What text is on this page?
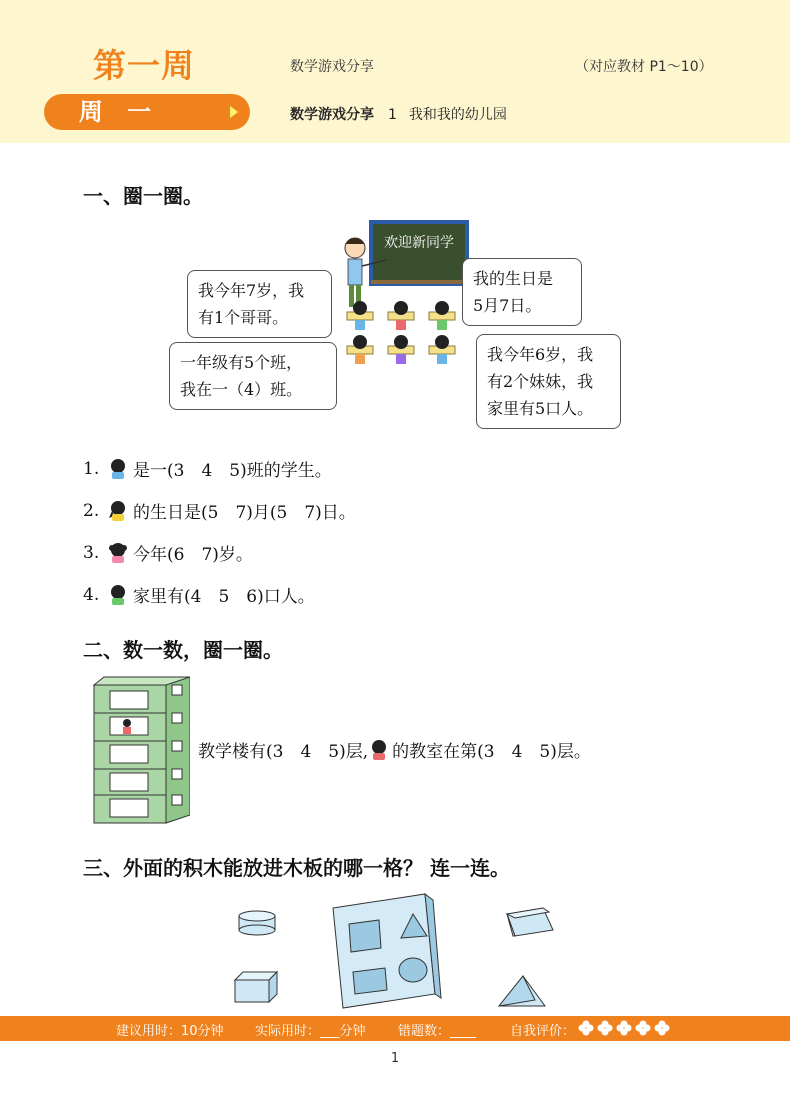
第一周	数学游戏分享	（对应教材 P1～10）
周 一	数学游戏分享 1 我和我的幼儿园
一、圈一圈。
我今年7岁，我
有1个哥哥。
我的生日是
5月7日。
一年级有5个班，
我在一（4）班。
我今年6岁，我
有2个妹妹，我
家里有5口人。
欢迎新同学
1.	是一(3　4　5)班的学生。
2.	的生日是(5　7)月(5　7)日。
3.	今年(6　7)岁。
4.	家里有(4　5　6)口人。
二、数一数，圈一圈。
教学楼有(3　4　5)层, 的教室在第(3　4　5)层。
三、外面的积木能放进木板的哪一格？ 连一连。
建议用时：10分钟 实际用时：___分钟 错题数：____	自我评价：
1
